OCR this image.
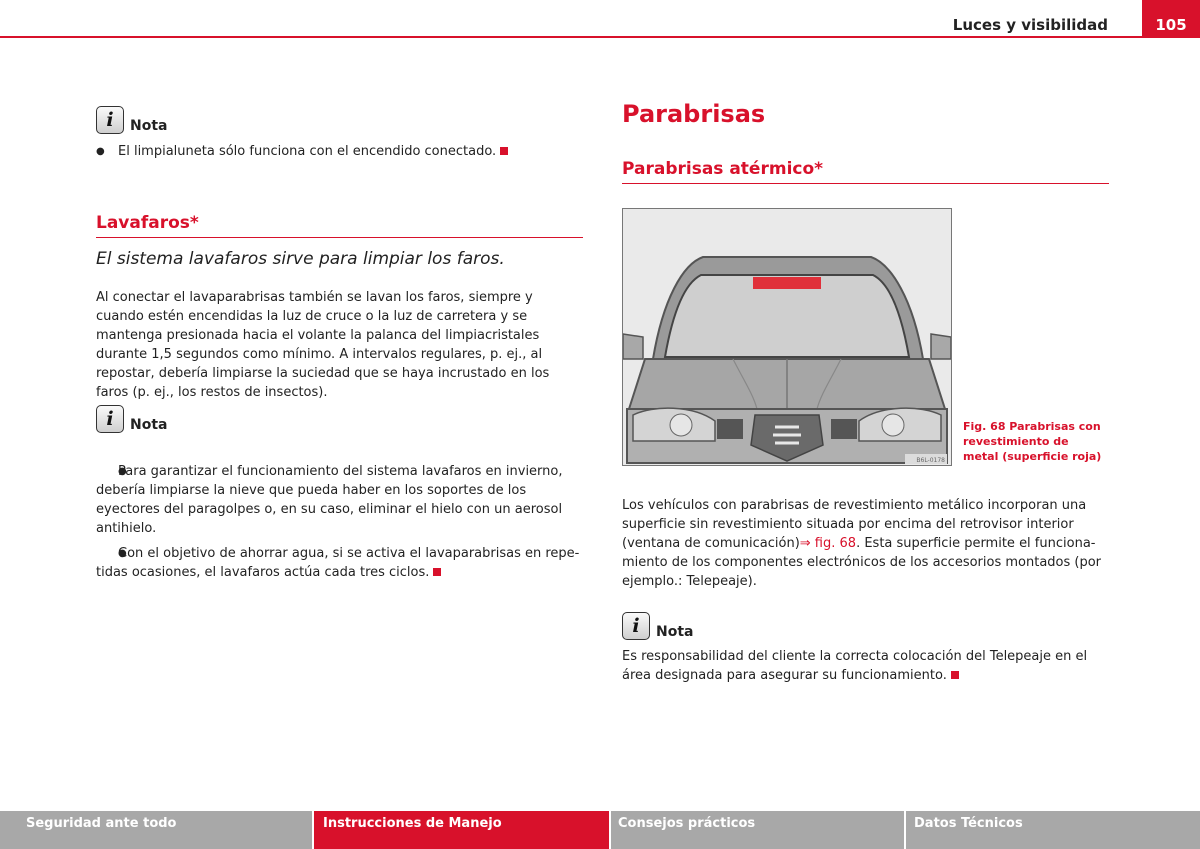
Luces y visibilidad	105
i	Nota

● El limpialuneta sólo funciona con el encendido conectado.

Lavafaros*
El sistema lavafaros sirve para limpiar los faros.

Al conectar el lavaparabrisas también se lavan los faros, siempre y cuando estén encendidas la luz de cruce o la luz de carretera y se mantenga presionada hacia el volante la palanca del limpiacristales durante 1,5 segundos como mínimo. A intervalos regulares, p. ej., al repostar, debería limpiarse la suciedad que se haya incrustado en los faros (p. ej., los restos de insectos).

i	Nota

● Para garantizar el funcionamiento del sistema lavafaros en invierno, debería limpiarse la nieve que pueda haber en los soportes de los eyectores del paragolpes o, en su caso, eliminar el hielo con un aerosol antihielo.

● Con el objetivo de ahorrar agua, si se activa el lavaparabrisas en repetidas ocasiones, el lavafaros actúa cada tres ciclos.

Parabrisas
Parabrisas atérmico*
B6L-0178
Fig. 68 Parabrisas con revestimiento de metal (superficie roja)

Los vehículos con parabrisas de revestimiento metálico incorporan una superficie sin revestimiento situada por encima del retrovisor interior (ventana de comunicación)⇒ fig. 68. Esta superficie permite el funcionamiento de los componentes electrónicos de los accesorios montados (por ejemplo.: Telepeaje).

i	Nota

Es responsabilidad del cliente la correcta colocación del Telepeaje en el área designada para asegurar su funcionamiento.

Seguridad ante todo	Instrucciones de Manejo	Consejos prácticos	Datos Técnicos
